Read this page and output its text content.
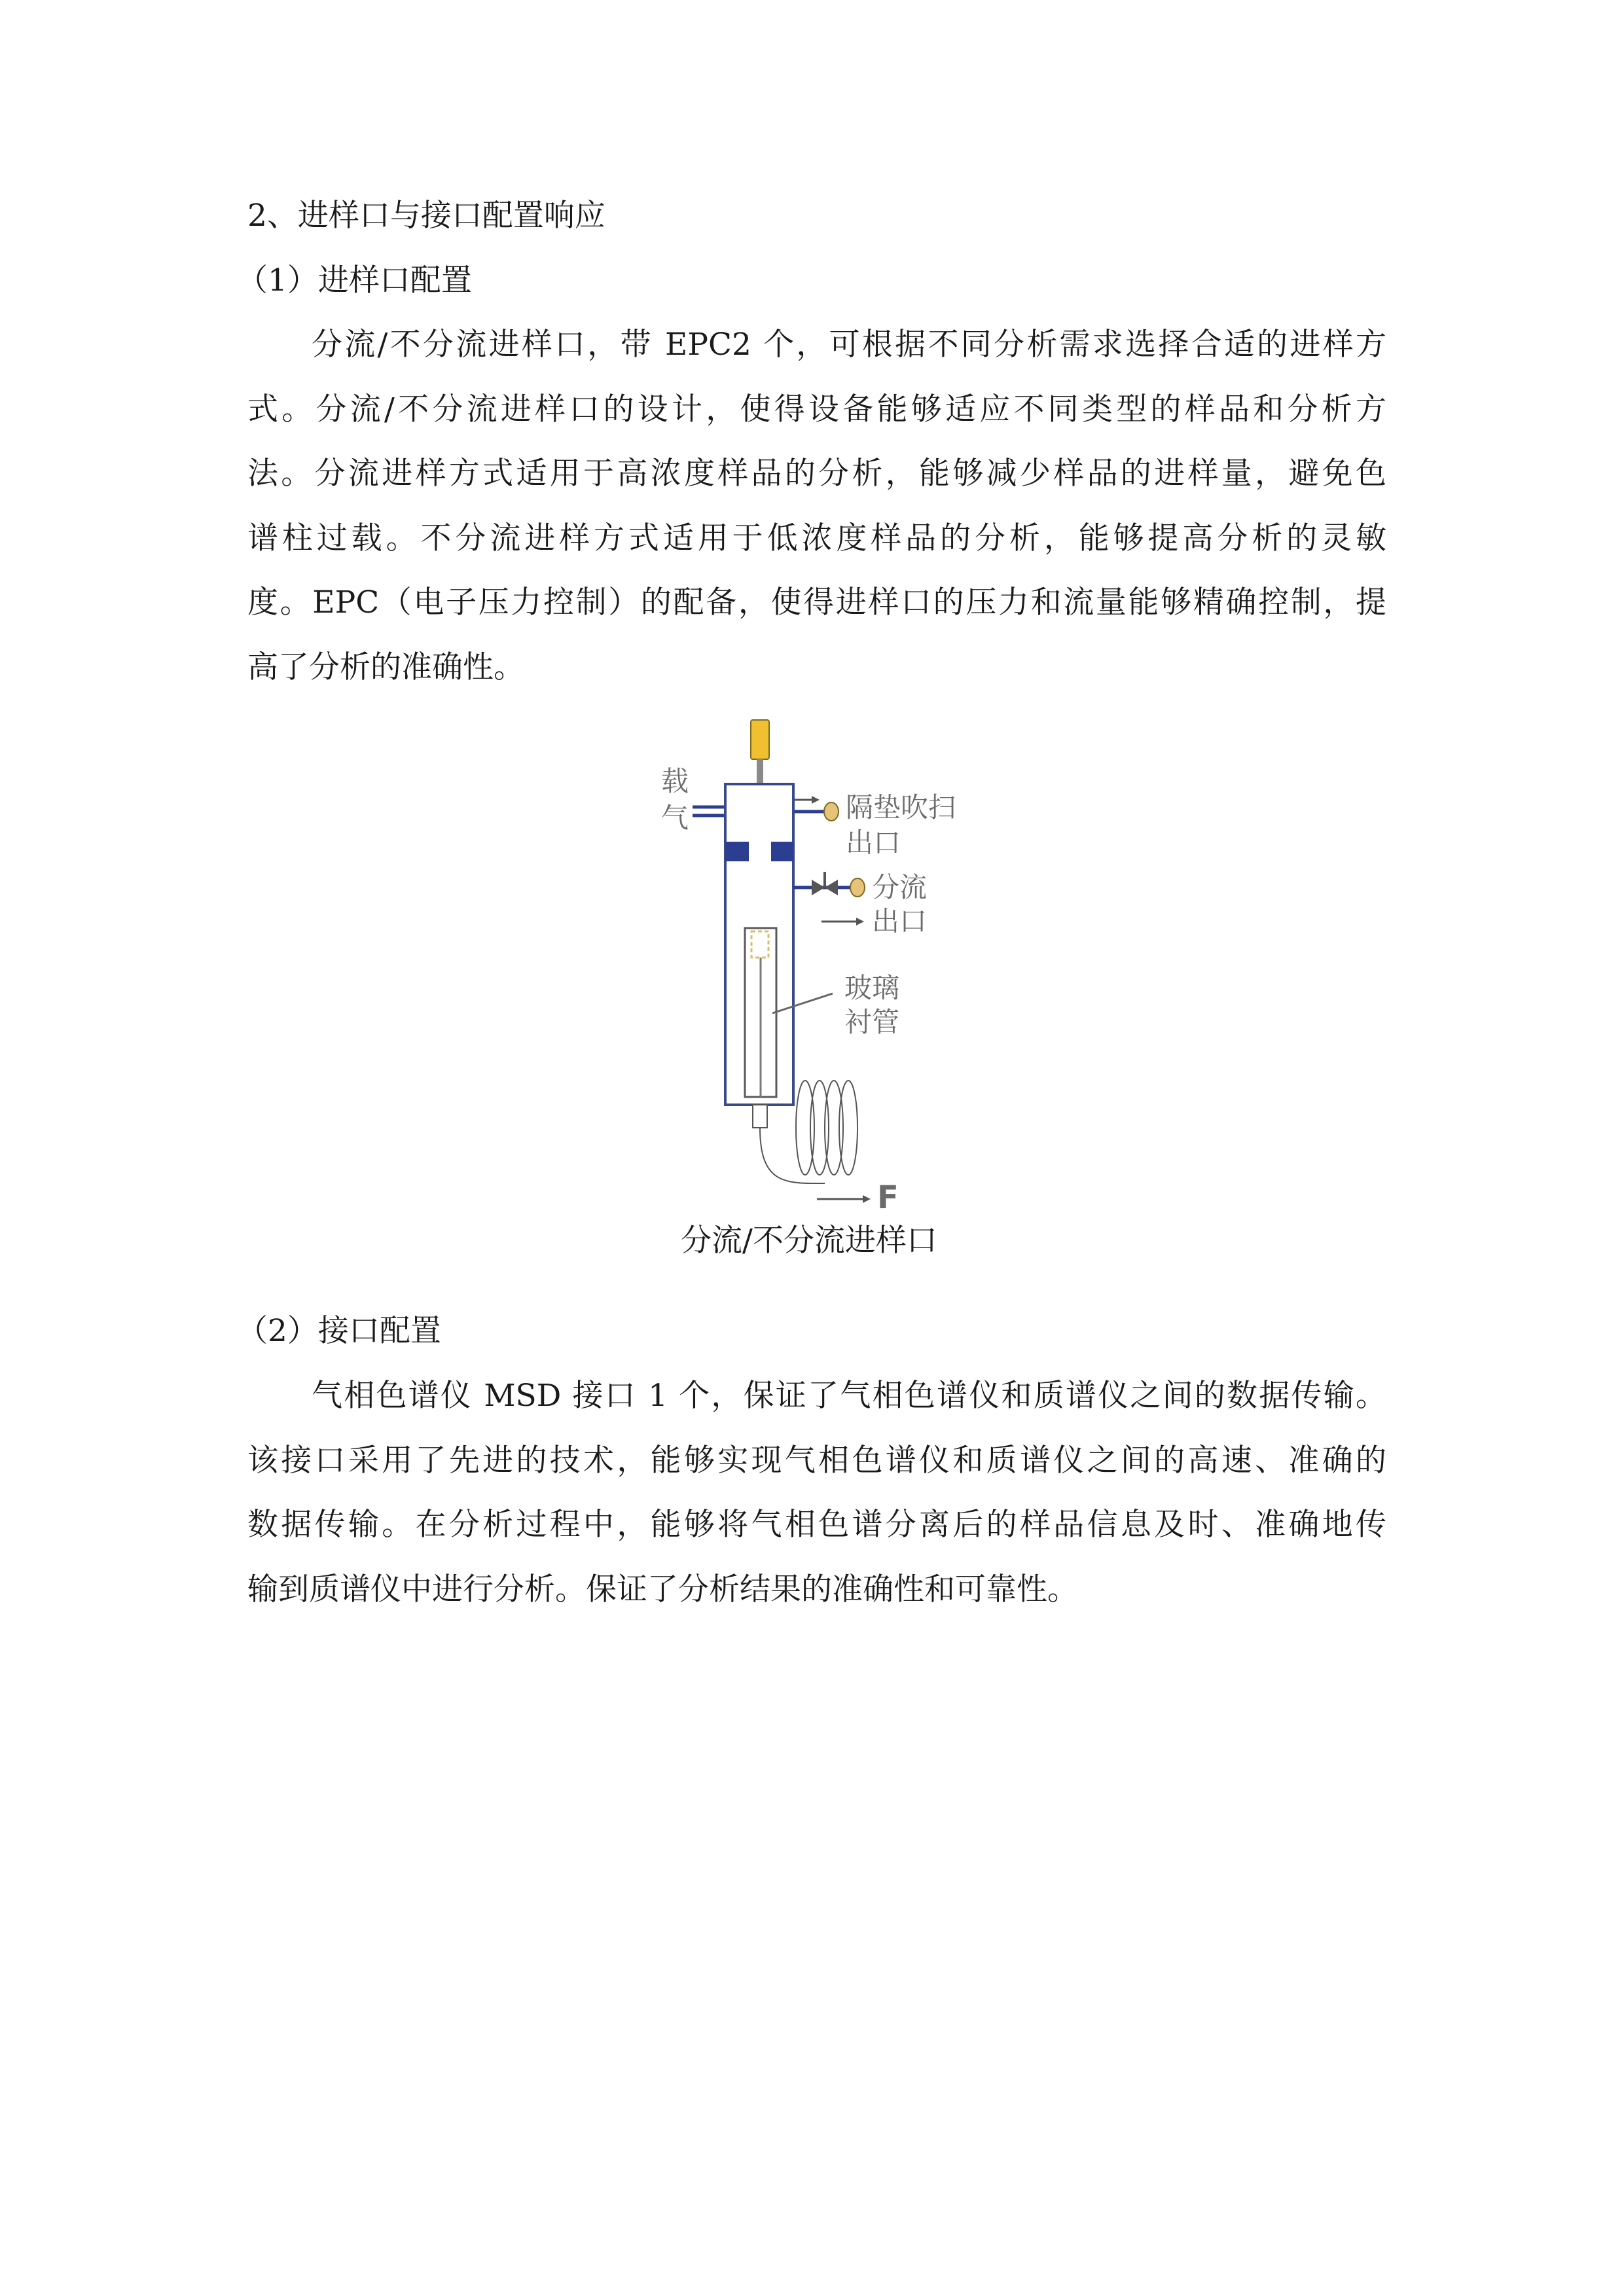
2、进样口与接口配置响应
（1）进样口配置
分流/不分流进样口，带 EPC2 个，可根据不同分析需求选择合适的进样方
式。分流/不分流进样口的设计，使得设备能够适应不同类型的样品和分析方
法。分流进样方式适用于高浓度样品的分析，能够减少样品的进样量，避免色
谱柱过载。不分流进样方式适用于低浓度样品的分析，能够提高分析的灵敏
度。EPC（电子压力控制）的配备，使得进样口的压力和流量能够精确控制，提
高了分析的准确性。
载
气	隔垫吹扫
出口
分流
出口
玻璃
衬管
F
分流/不分流进样口
（2）接口配置
气相色谱仪 MSD 接口 1 个，保证了气相色谱仪和质谱仪之间的数据传输。
该接口采用了先进的技术，能够实现气相色谱仪和质谱仪之间的高速、准确的
数据传输。在分析过程中，能够将气相色谱分离后的样品信息及时、准确地传
输到质谱仪中进行分析。保证了分析结果的准确性和可靠性。
